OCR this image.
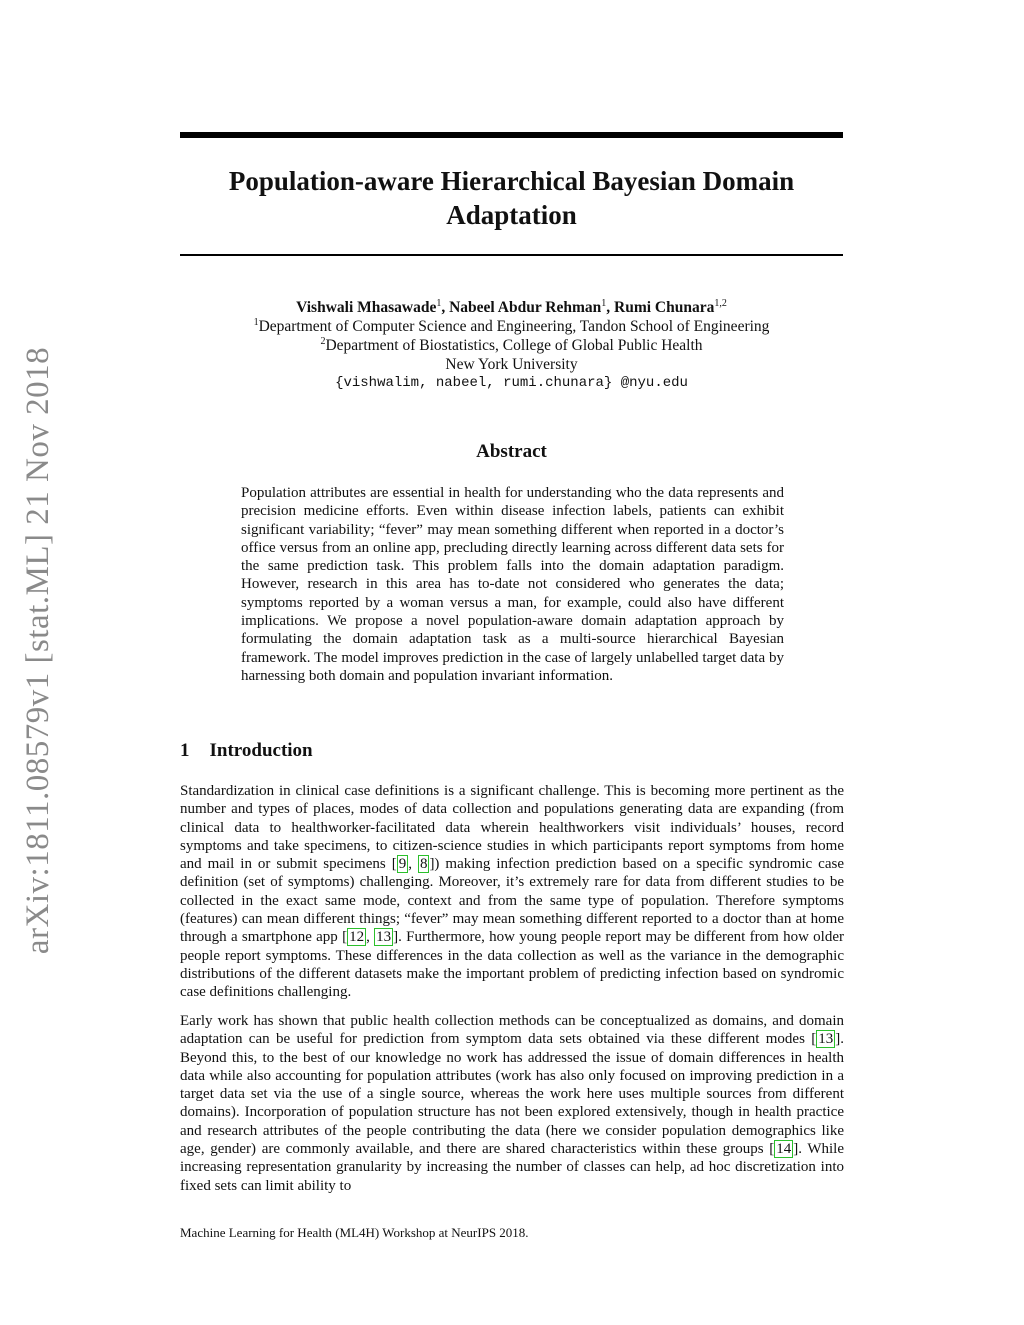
arXiv:1811.08579v1 [stat.ML] 21 Nov 2018
Population-aware Hierarchical Bayesian Domain
Adaptation
Vishwali Mhasawade$^1$, Nabeel Abdur Rehman$^1$, Rumi Chunara$^{1,2}$
$^1$Department of Computer Science and Engineering, Tandon School of Engineering
$^2$Department of Biostatistics, College of Global Public Health
New York University
{vishwalim, nabeel, rumi.chunara} @nyu.edu
Abstract
Population attributes are essential in health for understanding who the data represents and precision medicine efforts. Even within disease infection labels, patients can exhibit significant variability; “fever” may mean something different when reported in a doctor’s office versus from an online app, precluding directly learning across different data sets for the same prediction task. This problem falls into the domain adaptation paradigm. However, research in this area has to-date not considered who generates the data; symptoms reported by a woman versus a man, for example, could also have different implications. We propose a novel population-aware domain adaptation approach by formulating the domain adaptation task as a multi-source hierarchical Bayesian framework. The model improves prediction in the case of largely unlabelled target data by harnessing both domain and population invariant information.
1 Introduction

Standardization in clinical case definitions is a significant challenge. This is becoming more pertinent as the number and types of places, modes of data collection and populations generating data are expanding (from clinical data to healthworker-facilitated data wherein healthworkers visit individuals’ houses, record symptoms and take specimens, to citizen-science studies in which participants report symptoms from home and mail in or submit specimens [ 9 , 8 ]) making infection prediction based on a specific syndromic case definition (set of symptoms) challenging. Moreover, it’s extremely rare for data from different studies to be collected in the exact same mode, context and from the same type of population. Therefore symptoms (features) can mean different things; “fever” may mean something different reported to a doctor than at home through a smartphone app [ 12 , 13 ]. Furthermore, how young people report may be different from how older people report symptoms. These differences in the data collection as well as the variance in the demographic distributions of the different datasets make the important problem of predicting infection based on syndromic case definitions challenging.

Early work has shown that public health collection methods can be conceptualized as domains, and domain adaptation can be useful for prediction from symptom data sets obtained via these different modes [ 13 ]. Beyond this, to the best of our knowledge no work has addressed the issue of domain differences in health data while also accounting for population attributes (work has also only focused on improving prediction in a target data set via the use of a single source, whereas the work here uses multiple sources from different domains). Incorporation of population structure has not been explored extensively, though in health practice and research attributes of the people contributing the data (here we consider population demographics like age, gender) are commonly available, and there are shared characteristics within these groups [ 14 ]. While increasing representation granularity by increasing the number of classes can help, ad hoc discretization into fixed sets can limit ability to

Machine Learning for Health (ML4H) Workshop at NeurIPS 2018.
